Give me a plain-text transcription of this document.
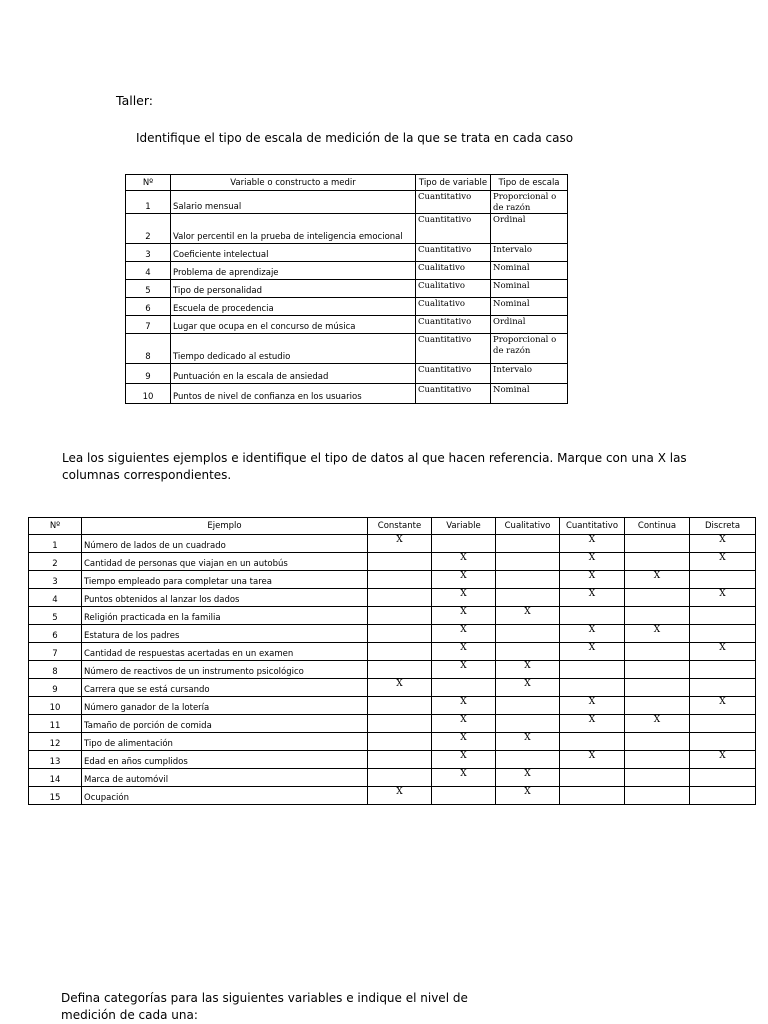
Taller:
Identifique el tipo de escala de medición de la que se trata en cada caso
Nº	Variable o constructo a medir	Tipo de variable	Tipo de escala
1	Salario mensual	Cuantitativo	Proporcional o de razón
2	Valor percentil en la prueba de inteligencia emocional	Cuantitativo	Ordinal
3	Coeficiente intelectual	Cuantitativo	Intervalo
4	Problema de aprendizaje	Cualitativo	Nominal
5	Tipo de personalidad	Cualitativo	Nominal
6	Escuela de procedencia	Cualitativo	Nominal
7	Lugar que ocupa en el concurso de música	Cuantitativo	Ordinal
8	Tiempo dedicado al estudio	Cuantitativo	Proporcional o de razón
9	Puntuación en la escala de ansiedad	Cuantitativo	Intervalo
10	Puntos de nivel de confianza en los usuarios	Cuantitativo	Nominal
Lea los siguientes ejemplos e identifique el tipo de datos al que hacen referencia. Marque con una X las columnas correspondientes.
Nº	Ejemplo	Constante	Variable	Cualitativo	Cuantitativo	Continua	Discreta
1	Número de lados de un cuadrado	X			X		X
2	Cantidad de personas que viajan en un autobús		X		X		X
3	Tiempo empleado para completar una tarea		X		X	X	
4	Puntos obtenidos al lanzar los dados		X		X		X
5	Religión practicada en la familia		X	X			
6	Estatura de los padres		X		X	X	
7	Cantidad de respuestas acertadas en un examen		X		X		X
8	Número de reactivos de un instrumento psicológico		X	X			
9	Carrera que se está cursando	X		X			
10	Número ganador de la lotería		X		X		X
11	Tamaño de porción de comida		X		X	X	
12	Tipo de alimentación		X	X			
13	Edad en años cumplidos		X		X		X
14	Marca de automóvil		X	X			
15	Ocupación	X		X			
Defina categorías para las siguientes variables e indique el nivel de medición de cada una:
